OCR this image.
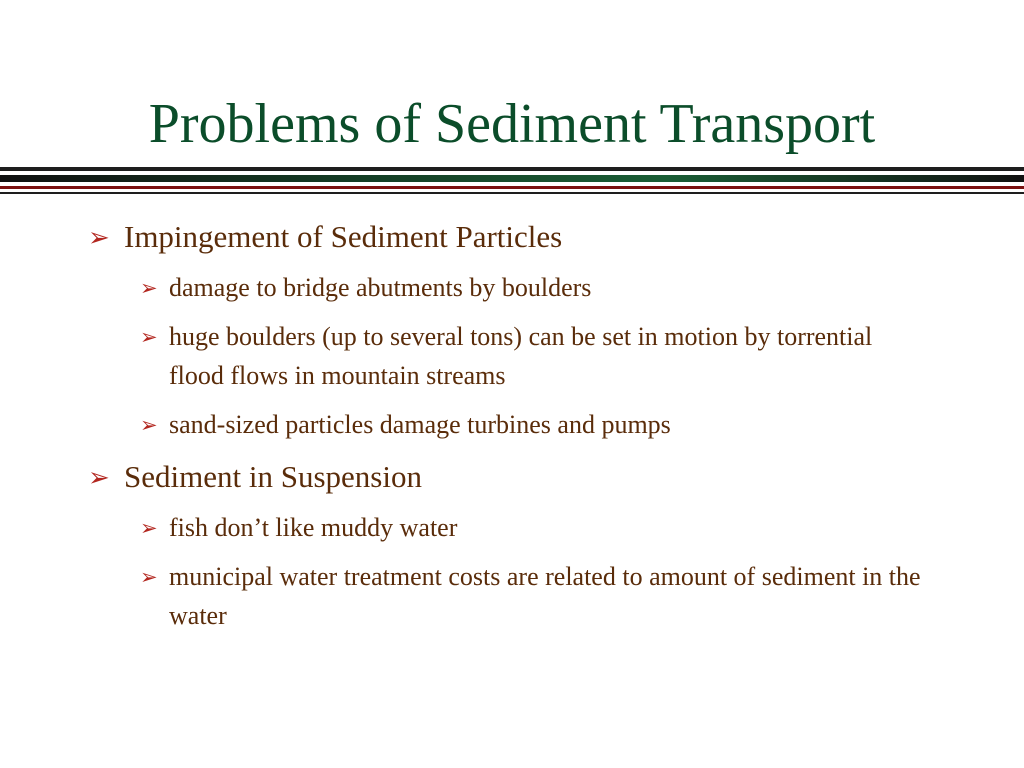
Problems of Sediment Transport
➢ Impingement of Sediment Particles
➢ damage to bridge abutments by boulders
➢ huge boulders (up to several tons) can be set in motion by torrential flood flows in mountain streams
➢ sand-sized particles damage turbines and pumps
➢ Sediment in Suspension
➢ fish don’t like muddy water
➢ municipal water treatment costs are related to amount of sediment in the water
